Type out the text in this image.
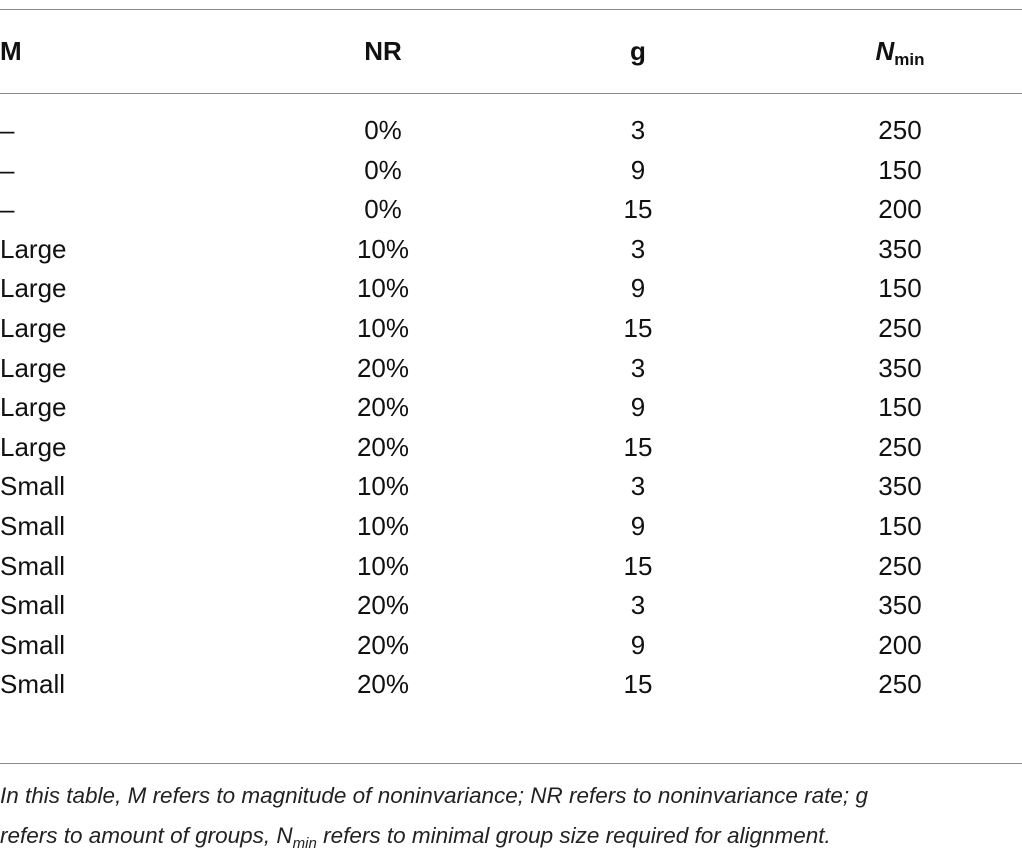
M	NR	g	Nmin
–	0%	3	250
–	0%	9	150
–	0%	15	200
Large	10%	3	350
Large	10%	9	150
Large	10%	15	250
Large	20%	3	350
Large	20%	9	150
Large	20%	15	250
Small	10%	3	350
Small	10%	9	150
Small	10%	15	250
Small	20%	3	350
Small	20%	9	200
Small	20%	15	250
In this table, M refers to magnitude of noninvariance; NR refers to noninvariance rate; g
refers to amount of groups, $N_{min}$ refers to minimal group size required for alignment.
